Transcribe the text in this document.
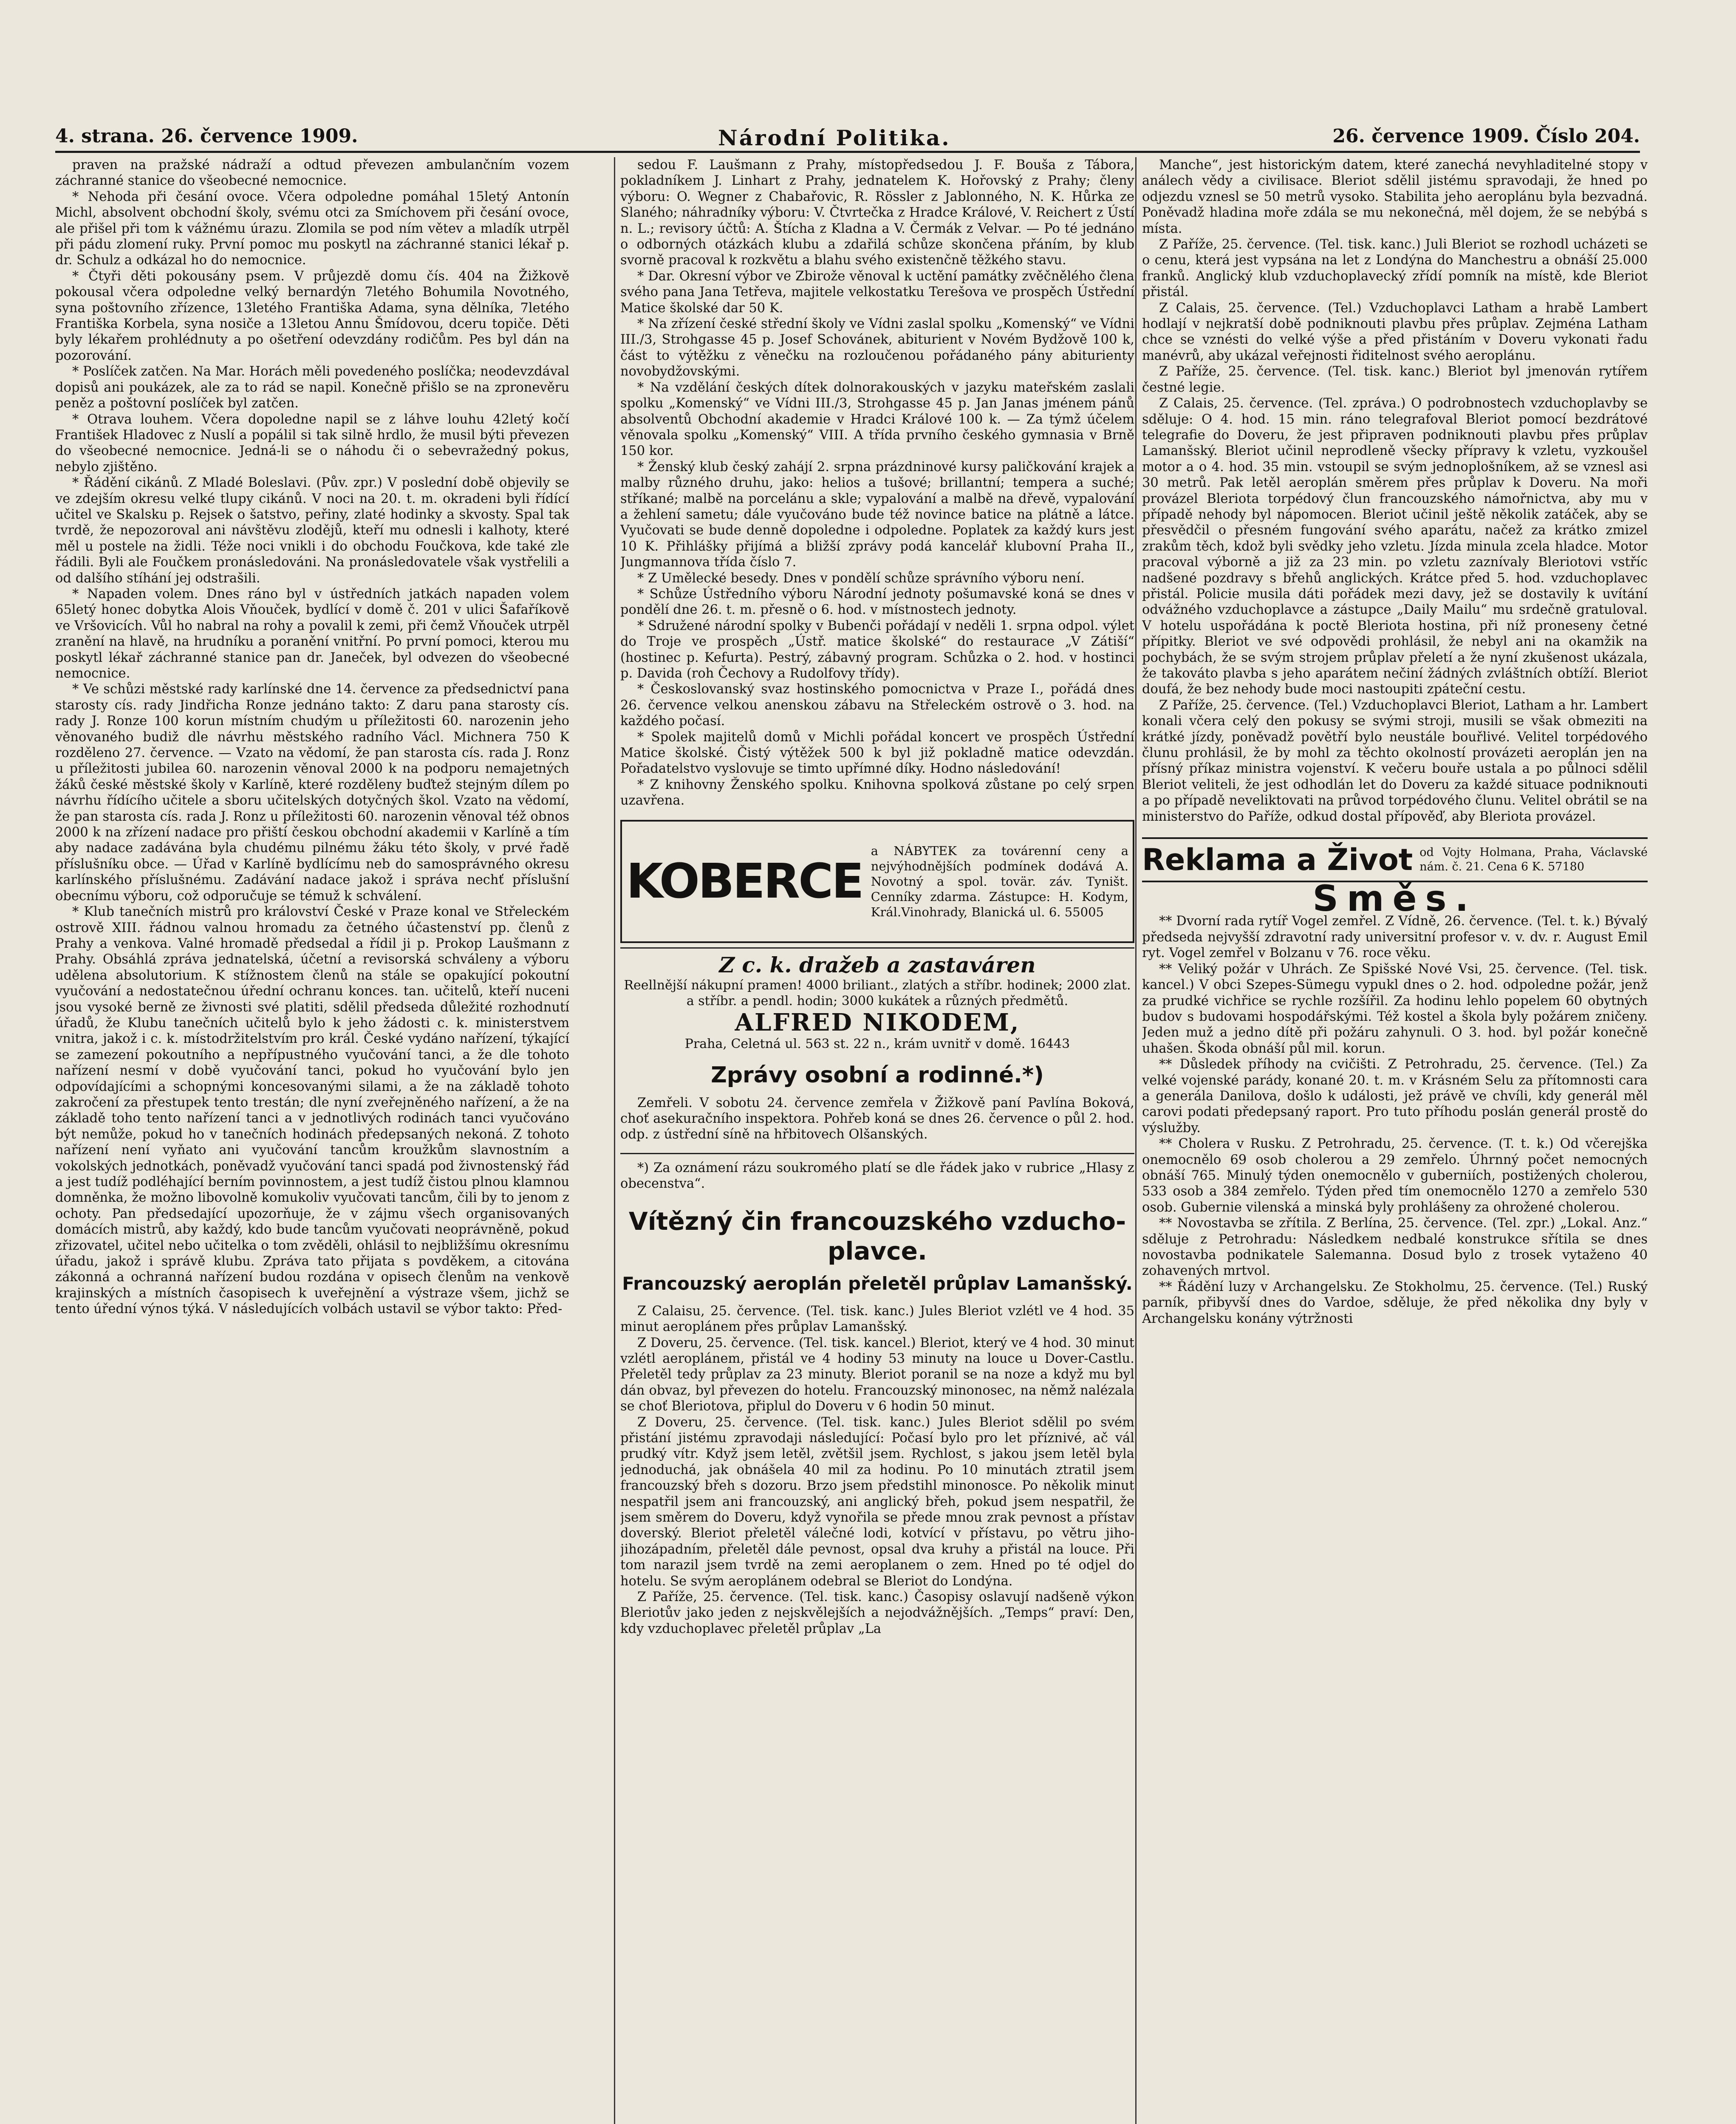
4. strana. 26. července 1909.	Národní Politika.	26. července 1909. Číslo 204.

praven na pražské nádraží a odtud převezen ambulančním vozem záchranné stanice do všeobecné nemocnice.

* Nehoda při česání ovoce. Včera odpoledne pomáhal 15letý Antonín Michl, absolvent obchodní školy, svému otci za Smíchovem při česání ovoce, ale přišel při tom k vážnému úrazu. Zlomila se pod ním větev a mladík utrpěl při pádu zlomení ruky. První pomoc mu poskytl na záchranné stanici lékař p. dr. Schulz a odkázal ho do nemocnice.

* Čtyři děti pokousány psem. V průjezdě domu čís. 404 na Žižkově pokousal včera odpoledne velký bernardýn 7letého Bohumila Novotného, syna poštovního zřízence, 13letého Františka Adama, syna dělníka, 7letého Františka Korbela, syna nosiče a 13letou Annu Šmídovou, dceru topiče. Děti byly lékařem prohlédnuty a po ošetření odevzdány rodičům. Pes byl dán na pozorování.

* Poslíček zatčen. Na Mar. Horách měli povedeného poslíčka; neodevzdával dopisů ani poukázek, ale za to rád se napil. Konečně přišlo se na zpronevěru peněz a poštovní poslíček byl zatčen.

* Otrava louhem. Včera dopoledne napil se z láhve louhu 42letý kočí František Hladovec z Nuslí a popálil si tak silně hrdlo, že musil býti převezen do všeobecné nemocnice. Jedná-li se o náhodu či o sebevražedný pokus, nebylo zjištěno.

* Řádění cikánů. Z Mladé Boleslavi. (Pův. zpr.) V poslední době objevily se ve zdejším okresu velké tlupy cikánů. V noci na 20. t. m. okradeni byli řídící učitel ve Skalsku p. Rejsek o šatstvo, peřiny, zlaté hodinky a skvosty. Spal tak tvrdě, že nepozoroval ani návštěvu zlodějů, kteří mu odnesli i kalhoty, které měl u postele na židli. Téže noci vnikli i do obchodu Foučkova, kde také zle řádili. Byli ale Foučkem pronásledováni. Na pronásledovatele však vystřelili a od dalšího stíhání jej odstrašili.

* Napaden volem. Dnes ráno byl v ústředních jatkách napaden volem 65letý honec dobytka Alois Vňouček, bydlící v domě č. 201 v ulici Šafaříkově ve Vršovicích. Vůl ho nabral na rohy a povalil k zemi, při čemž Vňouček utrpěl zranění na hlavě, na hrudníku a poranění vnitřní. Po první pomoci, kterou mu poskytl lékař záchranné stanice pan dr. Janeček, byl odvezen do všeobecné nemocnice.

* Ve schůzi městské rady karlínské dne 14. července za předsednictví pana starosty cís. rady Jindřicha Ronze jednáno takto: Z daru pana starosty cís. rady J. Ronze 100 korun místním chudým u příležitosti 60. narozenin jeho věnovaného budiž dle návrhu městského radního Václ. Michnera 750 K rozděleno 27. července. — Vzato na vědomí, že pan starosta cís. rada J. Ronz u příležitosti jubilea 60. narozenin věnoval 2000 k na podporu nemajetných žáků české městské školy v Karlíně, které rozděleny buďtež stejným dílem po návrhu řídícího učitele a sboru učitelských dotyčných škol. Vzato na vědomí, že pan starosta cís. rada J. Ronz u příležitosti 60. narozenin věnoval též obnos 2000 k na zřízení nadace pro přiští českou obchodní akademii v Karlíně a tím aby nadace zadávána byla chudému pilnému žáku této školy, v prvé řadě příslušníku obce. — Úřad v Karlíně bydlícímu neb do samosprávného okresu karlínského příslušnému. Zadávání nadace jakož i správa nechť příslušní obecnímu výboru, což odporučuje se témuž k schválení.

* Klub tanečních mistrů pro království České v Praze konal ve Střeleckém ostrově XIII. řádnou valnou hromadu za četného účastenství pp. členů z Prahy a venkova. Valné hromadě předsedal a řídil ji p. Prokop Laušmann z Prahy. Obsáhlá zpráva jednatelská, účetní a revisorská schváleny a výboru udělena absolutorium. K stížnostem členů na stále se opakující pokoutní vyučování a nedostatečnou úřední ochranu konces. tan. učitelů, kteří nuceni jsou vysoké berně ze živnosti své platiti, sdělil předseda důležité rozhodnutí úřadů, že Klubu tanečních učitelů bylo k jeho žádosti c. k. ministerstvem vnitra, jakož i c. k. místodržitelstvím pro král. České vydáno nařízení, týkající se zamezení pokoutního a nepřípustného vyučování tanci, a že dle tohoto nařízení nesmí v době vyučování tanci, pokud ho vyučování bylo jen odpovídajícími a schopnými koncesovanými silami, a že na základě tohoto zakročení za přestupek tento trestán; dle nyní zveřejněného nařízení, a že na základě toho tento nařízení tanci a v jednotlivých rodinách tanci vyučováno být nemůže, pokud ho v tanečních hodinách předepsaných nekoná. Z tohoto nařízení není vyňato ani vyučování tancům kroužkům slavnostním a vokolských jednotkách, poněvadž vyučování tanci spadá pod živnostenský řád a jest tudíž podléhající berním povinnostem, a jest tudíž čistou plnou klamnou domněnka, že možno libovolně komukoliv vyučovati tancům, čili by to jenom z ochoty. Pan předsedající upozorňuje, že v zájmu všech organisovaných domácích mistrů, aby každý, kdo bude tancům vyučovati neoprávněně, pokud zřizovatel, učitel nebo učitelka o tom zvěděli, ohlásil to nejbližšímu okresnímu úřadu, jakož i správě klubu. Zpráva tato přijata s povděkem, a citována zákonná a ochranná nařízení budou rozdána v opisech členům na venkově krajinských a místních časopisech k uveřejnění a výstraze všem, jichž se tento úřední výnos týká. V následujících volbách ustavil se výbor takto: Před-

sedou F. Laušmann z Prahy, místopředsedou J. F. Bouša z Tábora, pokladníkem J. Linhart z Prahy, jednatelem K. Hořovský z Prahy; členy výboru: O. Wegner z Chabařovic, R. Rössler z Jablonného, N. K. Hůrka ze Slaného; náhradníky výboru: V. Čtvrtečka z Hradce Králové, V. Reichert z Ústí n. L.; revisory účtů: A. Štícha z Kladna a V. Čermák z Velvar. — Po té jednáno o odborných otázkách klubu a zdařilá schůze skončena přáním, by klub svorně pracoval k rozkvětu a blahu svého existenčně těžkého stavu.

* Dar. Okresní výbor ve Zbirože věnoval k uctění památky zvěčnělého člena svého pana Jana Tetřeva, majitele velkostatku Terešova ve prospěch Ústřední Matice školské dar 50 K.

* Na zřízení české střední školy ve Vídni zaslal spolku „Komenský“ ve Vídni III./3, Strohgasse 45 p. Josef Schovánek, abiturient v Novém Bydžově 100 k, část to výtěžku z věnečku na rozloučenou pořádaného pány abiturienty novobydžovskými.

* Na vzdělání českých dítek dolnorakouských v jazyku mateřském zaslali spolku „Komenský“ ve Vídni III./3, Strohgasse 45 p. Jan Janas jménem pánů absolventů Obchodní akademie v Hradci Králové 100 k. — Za týmž účelem věnovala spolku „Komenský“ VIII. A třída prvního českého gymnasia v Brně 150 kor.

* Ženský klub český zahájí 2. srpna prázdninové kursy paličkování krajek a malby různého druhu, jako: helios a tušové; brillantní; tempera a suché; stříkané; malbě na porcelánu a skle; vypalování a malbě na dřevě, vypalování a žehlení sametu; dále vyučováno bude též novince batice na plátně a látce. Vyučovati se bude denně dopoledne i odpoledne. Poplatek za každý kurs jest 10 K. Přihlášky přijímá a bližší zprávy podá kancelář klubovní Praha II., Jungmannova třída číslo 7.

* Z Umělecké besedy. Dnes v pondělí schůze správního výboru není.

* Schůze Ústředního výboru Národní jednoty pošumavské koná se dnes v pondělí dne 26. t. m. přesně o 6. hod. v místnostech jednoty.

* Sdružené národní spolky v Bubenči pořádají v neděli 1. srpna odpol. výlet do Troje ve prospěch „Ústř. matice školské“ do restaurace „V Zátiší“ (hostinec p. Kefurta). Pestrý, zábavný program. Schůzka o 2. hod. v hostinci p. Davida (roh Čechovy a Rudolfovy třídy).

* Českoslovanský svaz hostinského pomocnictva v Praze I., pořádá dnes 26. července velkou anenskou zábavu na Střeleckém ostrově o 3. hod. na každého počasí.

* Spolek majitelů domů v Michli pořádal koncert ve prospěch Ústřední Matice školské. Čistý výtěžek 500 k byl již pokladně matice odevzdán. Pořadatelstvo vyslovuje se timto upřímné díky. Hodno následování!

* Z knihovny Ženského spolku. Knihovna spolková zůstane po celý srpen uzavřena.

KOBERCE
a NÁBYTEK za továrenní ceny a nejvýhodnějších podmínek dodává A. Novotný a spol. tovär. záv. Tyništ. Cenníky zdarma. Zástupce: H. Kodym, Král.Vinohrady, Blanická ul. 6. 55005
Z c. k. dražeb a zastaváren
Reellnější nákupní pramen! 4000 briliant., zlatých a stříbr. hodinek; 2000 zlat. a stříbr. a pendl. hodin; 3000 kukátek a různých předmětů.
ALFRED NIKODEM,
Praha, Celetná ul. 563 st. 22 n., krám uvnitř v domě. 16443
Zprávy osobní a rodinné.*)

Zemřeli. V sobotu 24. července zemřela v Žižkově paní Pavlína Boková, choť asekuračního inspektora. Pohřeb koná se dnes 26. července o půl 2. hod. odp. z ústřední síně na hřbitovech Olšanských.

*) Za oznámení rázu soukromého platí se dle řádek jako v rubrice „Hlasy z obecenstva“.

Vítězný čin francouzského vzducho-plavce.
Francouzský aeroplán přeletěl průplav Lamanšský.

Z Calaisu, 25. července. (Tel. tisk. kanc.) Jules Bleriot vzlétl ve 4 hod. 35 minut aeroplánem přes průplav Lamanšský.

Z Doveru, 25. července. (Tel. tisk. kancel.) Bleriot, který ve 4 hod. 30 minut vzlétl aeroplánem, přistál ve 4 hodiny 53 minuty na louce u Dover-Castlu. Přeletěl tedy průplav za 23 minuty. Bleriot poranil se na noze a když mu byl dán obvaz, byl převezen do hotelu. Francouzský minonosec, na němž nalézala se choť Bleriotova, připlul do Doveru v 6 hodin 50 minut.

Z Doveru, 25. července. (Tel. tisk. kanc.) Jules Bleriot sdělil po svém přistání jistému zpravodaji následující: Počasí bylo pro let příznivé, ač vál prudký vítr. Když jsem letěl, zvětšil jsem. Rychlost, s jakou jsem letěl byla jednoduchá, jak obnášela 40 mil za hodinu. Po 10 minutách ztratil jsem francouzský břeh s dozoru. Brzo jsem předstihl minonosce. Po několik minut nespatřil jsem ani francouzský, ani anglický břeh, pokud jsem nespatřil, že jsem směrem do Doveru, když vynořila se přede mnou zrak pevnost a přístav doverský. Bleriot přeletěl válečné lodi, kotvící v přístavu, po větru jiho-jihozápadním, přeletěl dále pevnost, opsal dva kruhy a přistál na louce. Při tom narazil jsem tvrdě na zemi aeroplanem o zem. Hned po té odjel do hotelu. Se svým aeroplánem odebral se Bleriot do Londýna.

Z Paříže, 25. července. (Tel. tisk. kanc.) Časopisy oslavují nadšeně výkon Bleriotův jako jeden z nejskvělejších a nejodvážnějších. „Temps“ praví: Den, kdy vzduchoplavec přeletěl průplav „La

Manche“, jest historickým datem, které zanechá nevyhladitelné stopy v análech vědy a civilisace. Bleriot sdělil jistému spravodaji, že hned po odjezdu vznesl se 50 metrů vysoko. Stabilita jeho aeroplánu byla bezvadná. Poněvadž hladina moře zdála se mu nekonečná, měl dojem, že se nebýbá s místa.

Z Paříže, 25. července. (Tel. tisk. kanc.) Juli Bleriot se rozhodl ucházeti se o cenu, která jest vypsána na let z Londýna do Manchestru a obnáší 25.000 franků. Anglický klub vzduchoplavecký zřídí pomník na místě, kde Bleriot přistál.

Z Calais, 25. července. (Tel.) Vzduchoplavci Latham a hrabě Lambert hodlají v nejkratší době podniknouti plavbu přes průplav. Zejména Latham chce se vznésti do velké výše a před přistáním v Doveru vykonati řadu manévrů, aby ukázal veřejnosti řiditelnost svého aeroplánu.

Z Paříže, 25. července. (Tel. tisk. kanc.) Bleriot byl jmenován rytířem čestné legie.

Z Calais, 25. července. (Tel. zpráva.) O podrobnostech vzduchoplavby se sděluje: O 4. hod. 15 min. ráno telegrafoval Bleriot pomocí bezdrátové telegrafie do Doveru, že jest připraven podniknouti plavbu přes průplav Lamanšský. Bleriot učinil neprodleně všecky přípravy k vzletu, vyzkoušel motor a o 4. hod. 35 min. vstoupil se svým jednoplošníkem, až se vznesl asi 30 metrů. Pak letěl aeroplán směrem přes průplav k Doveru. Na moři provázel Bleriota torpédový člun francouzského námořnictva, aby mu v případě nehody byl nápomocen. Bleriot učinil ještě několik zatáček, aby se přesvědčil o přesném fungování svého aparátu, načež za krátko zmizel zrakům těch, kdož byli svědky jeho vzletu. Jízda minula zcela hladce. Motor pracoval výborně a již za 23 min. po vzletu zaznívaly Bleriotovi vstříc nadšené pozdravy s břehů anglických. Krátce před 5. hod. vzduchoplavec přistál. Policie musila dáti pořádek mezi davy, jež se dostavily k uvítání odvážného vzduchoplavce a zástupce „Daily Mailu“ mu srdečně gratuloval. V hotelu uspořádána k poctě Bleriota hostina, při níž proneseny četné přípitky. Bleriot ve své odpovědi prohlásil, že nebyl ani na okamžik na pochybách, že se svým strojem průplav přeletí a že nyní zkušenost ukázala, že takováto plavba s jeho aparátem nečiní žádných zvláštních obtíží. Bleriot doufá, že bez nehody bude moci nastoupiti zpáteční cestu.

Z Paříže, 25. července. (Tel.) Vzduchoplavci Bleriot, Latham a hr. Lambert konali včera celý den pokusy se svými stroji, musili se však obmeziti na krátké jízdy, poněvadž povětří bylo neustále bouřlivé. Velitel torpédového člunu prohlásil, že by mohl za těchto okolností provázeti aeroplán jen na přísný příkaz ministra vojenství. K večeru bouře ustala a po půlnoci sdělil Bleriot veliteli, že jest odhodlán let do Doveru za každé situace podniknouti a po případě neveliktovati na průvod torpédového člunu. Velitel obrátil se na ministerstvo do Paříže, odkud dostal přípověď, aby Bleriota provázel.

Reklama a Život od Vojty Holmana, Praha, Václavské nám. č. 21. Cena 6 K. 57180
Směs.

** Dvorní rada rytíř Vogel zemřel. Z Vídně, 26. července. (Tel. t. k.) Bývalý předseda nejvyšší zdravotní rady universitní profesor v. v. dv. r. August Emil ryt. Vogel zemřel v Bolzanu v 76. roce věku.

** Veliký požár v Uhrách. Ze Spišské Nové Vsi, 25. července. (Tel. tisk. kancel.) V obci Szepes-Sümegu vypukl dnes o 2. hod. odpoledne požár, jenž za prudké vichřice se rychle rozšířil. Za hodinu lehlo popelem 60 obytných budov s budovami hospodářskými. Též kostel a škola byly požárem zničeny. Jeden muž a jedno dítě při požáru zahynuli. O 3. hod. byl požár konečně uhašen. Škoda obnáší půl mil. korun.

** Důsledek příhody na cvičišti. Z Petrohradu, 25. července. (Tel.) Za velké vojenské parády, konané 20. t. m. v Krásném Selu za přítomnosti cara a generála Danilova, došlo k události, jež právě ve chvíli, kdy generál měl carovi podati předepsaný raport. Pro tuto příhodu poslán generál prostě do výslužby.

** Cholera v Rusku. Z Petrohradu, 25. července. (T. t. k.) Od včerejška onemocnělo 69 osob cholerou a 29 zemřelo. Úhrnný počet nemocných obnáší 765. Minulý týden onemocnělo v guberniích, postižených cholerou, 533 osob a 384 zemřelo. Týden před tím onemocnělo 1270 a zemřelo 530 osob. Gubernie vilenská a minská byly prohlášeny za ohrožené cholerou.

** Novostavba se zřítila. Z Berlína, 25. července. (Tel. zpr.) „Lokal. Anz.“ sděluje z Petrohradu: Následkem nedbalé konstrukce sřítila se dnes novostavba podnikatele Salemanna. Dosud bylo z trosek vytaženo 40 zohavených mrtvol.

** Řádění luzy v Archangelsku. Ze Stokholmu, 25. července. (Tel.) Ruský parník, přibyvší dnes do Vardoe, sděluje, že před několika dny byly v Archangelsku konány výtržnosti
